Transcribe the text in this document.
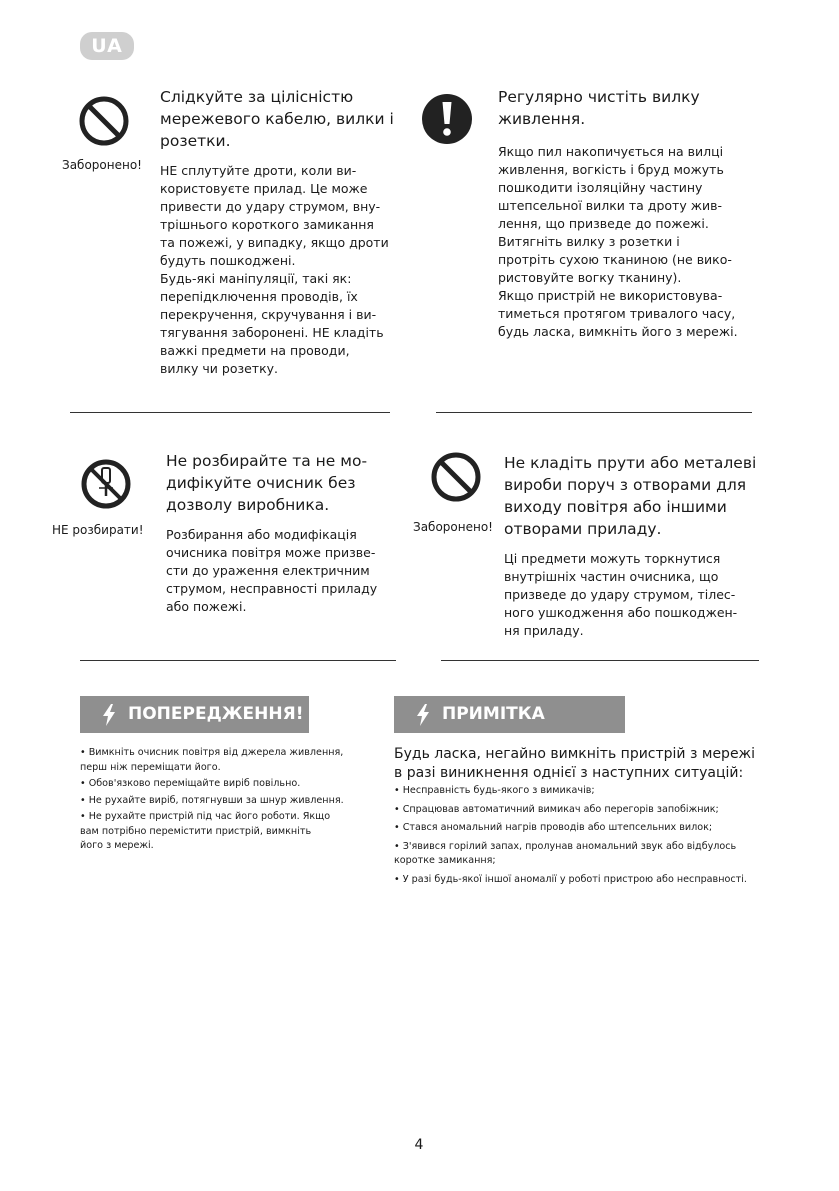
UA
Заборонено!

Слідкуйте за цілісністю

мережевого кабелю, вилки і

розетки.

НЕ сплутуйте дроти, коли ви-

користовуєте прилад. Це може

привести до удару струмом, вну-

трішнього короткого замикання

та пожежі, у випадку, якщо дроти

будуть пошкоджені.

Будь-які маніпуляції, такі як:

перепідключення проводів, їх

перекручення, скручування і ви-

тягування заборонені. НЕ кладіть

важкі предмети на проводи,

вилку чи розетку.

Регулярно чистіть вилку

живлення.

Якщо пил накопичується на вилці

живлення, вогкість і бруд можуть

пошкодити ізоляційну частину

штепсельної вилки та дроту жив-

лення, що призведе до пожежі.

Витягніть вилку з розетки і

протріть сухою тканиною (не вико-

ристовуйте вогку тканину).

Якщо пристрій не використовува-

тиметься протягом тривалого часу,

будь ласка, вимкніть його з мережі.

НЕ розбирати!

Не розбирайте та не мо-

дифікуйте очисник без

дозволу виробника.

Розбирання або модифікація

очисника повітря може призве-

сти до ураження електричним

струмом, несправності приладу

або пожежі.

Заборонено!

Не кладіть прути або металеві

вироби поруч з отворами для

виходу повітря або іншими

отворами приладу.

Ці предмети можуть торкнутися

внутрішніх частин очисника, що

призведе до удару струмом, тілес-

ного ушкодження або пошкоджен-

ня приладу.

ПОПЕРЕДЖЕННЯ!

• Вимкніть очисник повітря від джерела живлення,

перш ніж переміщати його.

• Обов'язково переміщайте виріб повільно.

• Не рухайте виріб, потягнувши за шнур живлення.

• Не рухайте пристрій під час його роботи. Якщо

вам потрібно перемістити пристрій, вимкніть

його з мережі.

ПРИМІТКА

Будь ласка, негайно вимкніть пристрій з мережі

в разі виникнення однієї з наступних ситуацій:

• Несправність будь-якого з вимикачів;

• Спрацював автоматичний вимикач або перегорів запобіжник;

• Стався аномальний нагрів проводів або штепсельних вилок;

• З'явився горілий запах, пролунав аномальний звук або відбулось

коротке замикання;

• У разі будь-якої іншої аномалії у роботі пристрою або несправності.

4
